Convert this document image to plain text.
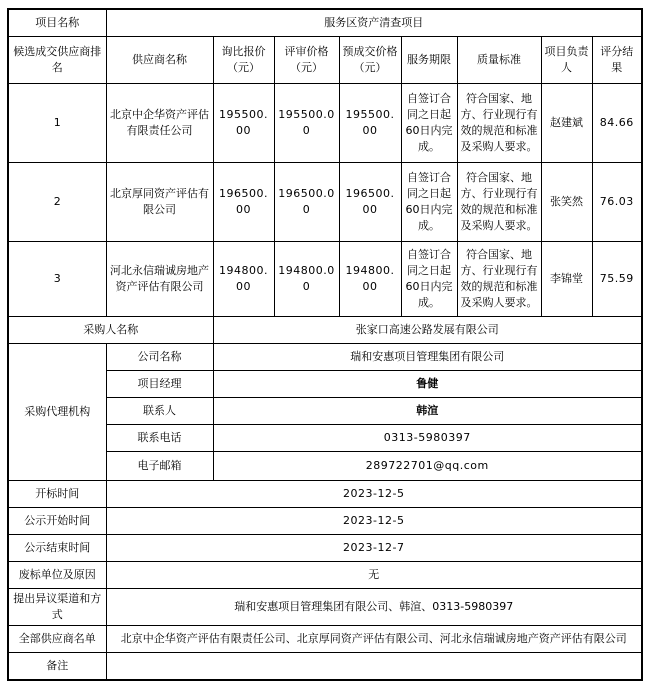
项目名称	服务区资产清查项目							
候选成交供应商排名	供应商名称	询比报价（元）	评审价格（元）	预成交价格（元）	服务期限	质量标准	项目负责人	评分结果
1	北京中企华资产评估有限责任公司	195500.00	195500.00	195500.00	自签订合同之日起60日内完成。	符合国家、地方、行业现行有效的规范和标准及采购人要求。	赵建斌	84.66
2	北京厚同资产评估有限公司	196500.00	196500.00	196500.00	自签订合同之日起60日内完成。	符合国家、地方、行业现行有效的规范和标准及采购人要求。	张笑然	76.03
3	河北永信瑞诚房地产资产评估有限公司	194800.00	194800.00	194800.00	自签订合同之日起60日内完成。	符合国家、地方、行业现行有效的规范和标准及采购人要求。	李锦堂	75.59
采购人名称		张家口高速公路发展有限公司						
采购代理机构	公司名称	瑞和安惠项目管理集团有限公司						
	项目经理	鲁健						
	联系人	韩渲						
	联系电话	0313-5980397						
	电子邮箱	289722701@qq.com						
开标时间	2023-12-5							
公示开始时间	2023-12-5							
公示结束时间	2023-12-7							
废标单位及原因	无							
提出异议渠道和方式	瑞和安惠项目管理集团有限公司、韩渲、0313-5980397							
全部供应商名单	北京中企华资产评估有限责任公司、北京厚同资产评估有限公司、河北永信瑞诚房地产资产评估有限公司							
备注								
